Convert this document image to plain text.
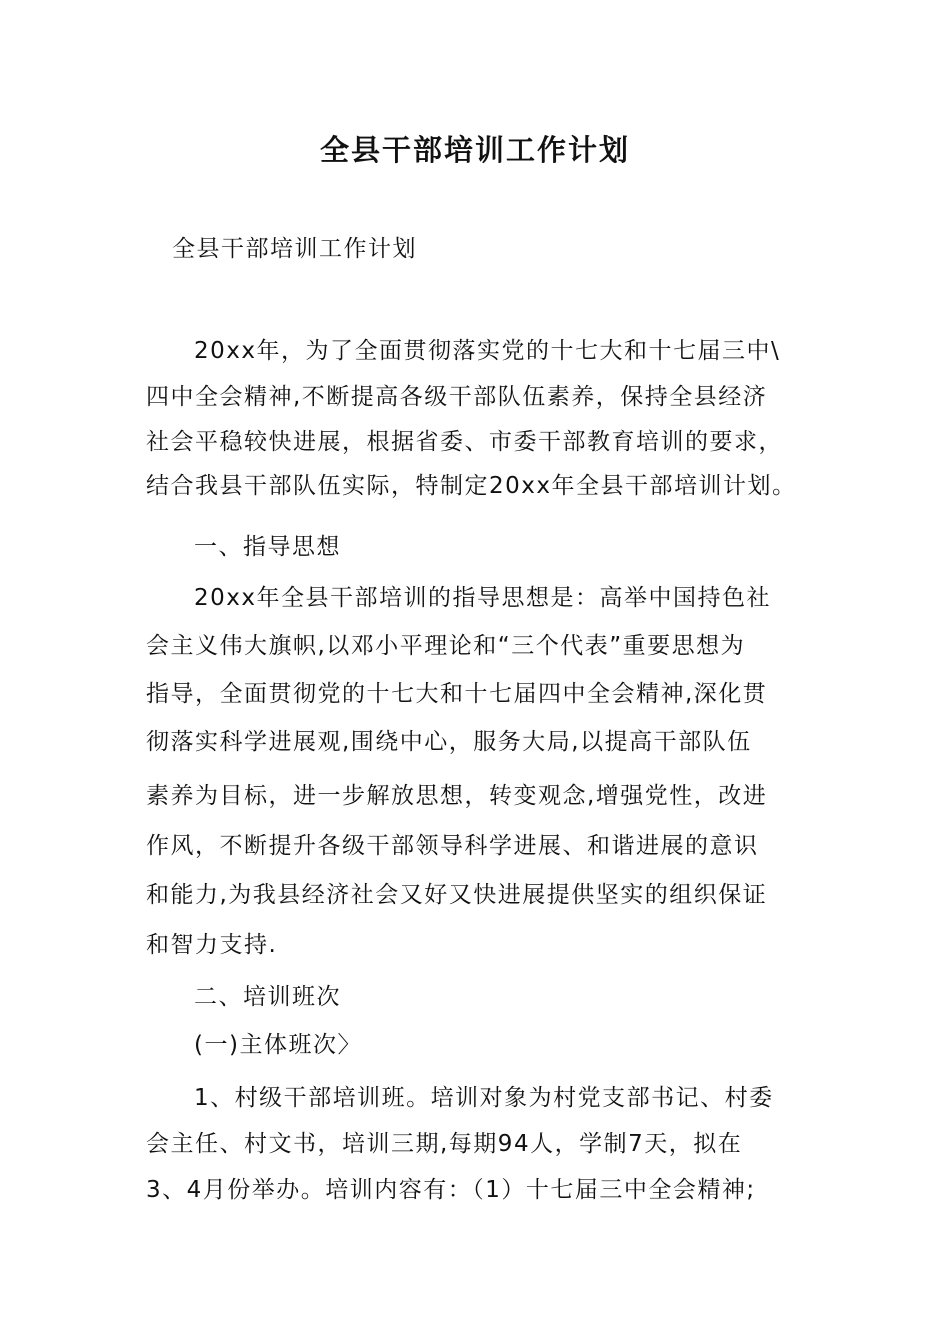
全县干部培训工作计划
全县干部培训工作计划
20xx年，为了全面贯彻落实党的十七大和十七届三中\
四中全会精神,不断提高各级干部队伍素养，保持全县经济
社会平稳较快进展，根据省委、市委干部教育培训的要求，
结合我县干部队伍实际，特制定20xx年全县干部培训计划。
一、指导思想
20xx年全县干部培训的指导思想是：高举中国持色社
会主义伟大旗帜,以邓小平理论和“三个代表”重要思想为
指导，全面贯彻党的十七大和十七届四中全会精神,深化贯
彻落实科学进展观,围绕中心，服务大局,以提高干部队伍
素养为目标，进一步解放思想，转变观念,增强党性，改进
作风，不断提升各级干部领导科学进展、和谐进展的意识
和能力,为我县经济社会又好又快进展提供坚实的组织保证
和智力支持.
二、培训班次
(一)主体班次〉
1、村级干部培训班。培训对象为村党支部书记、村委
会主任、村文书，培训三期,每期94人，学制7天，拟在
3、4月份举办。培训内容有：（1）十七届三中全会精神;
